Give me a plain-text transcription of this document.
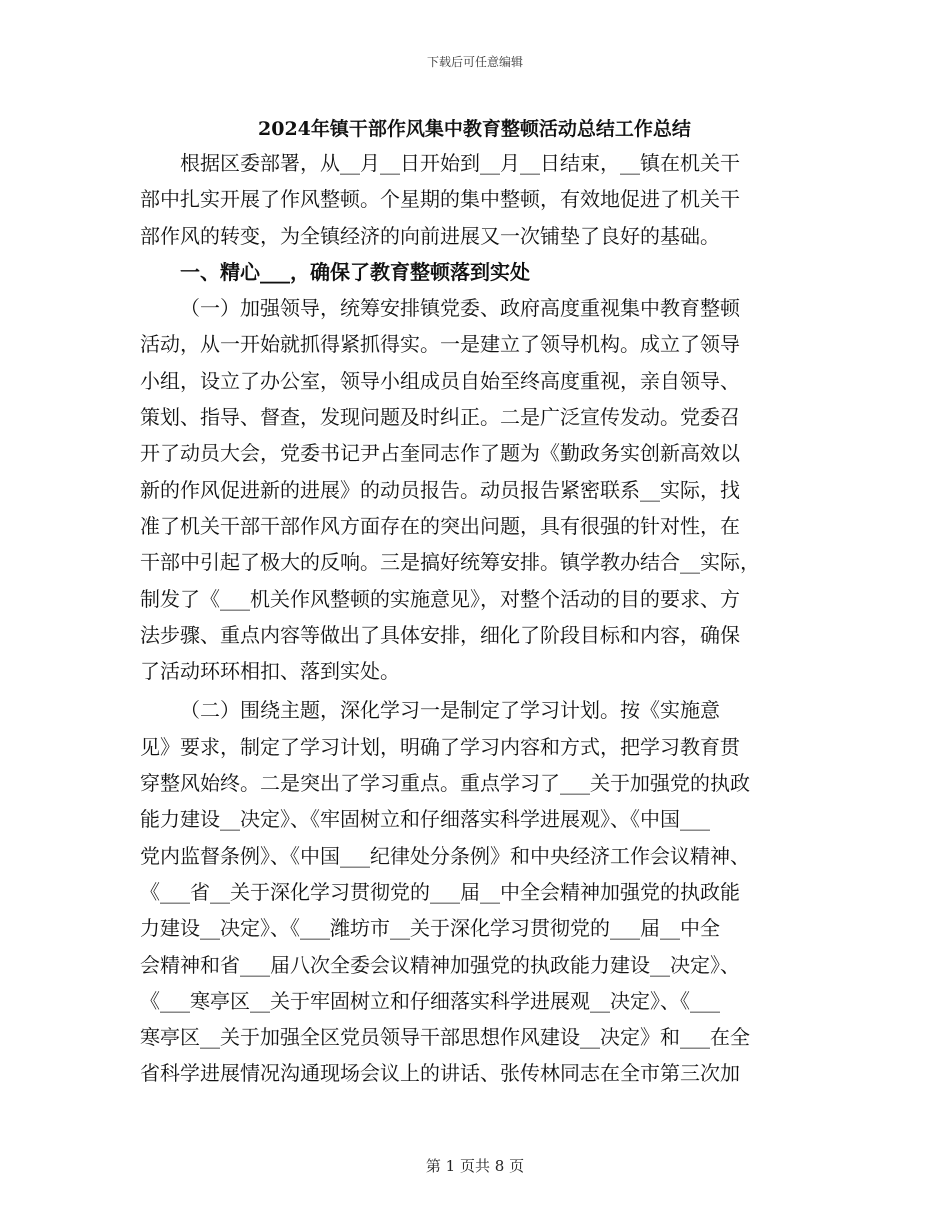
下载后可任意编辑
2024年镇干部作风集中教育整顿活动总结工作总结
根据区委部署，从__月__日开始到__月__日结束，__镇在机关干
部中扎实开展了作风整顿。个星期的集中整顿，有效地促进了机关干
部作风的转变，为全镇经济的向前进展又一次铺垫了良好的基础。
一、精心___，确保了教育整顿落到实处
（一）加强领导，统筹安排镇党委、政府高度重视集中教育整顿
活动，从一开始就抓得紧抓得实。一是建立了领导机构。成立了领导
小组，设立了办公室，领导小组成员自始至终高度重视，亲自领导、
策划、指导、督查，发现问题及时纠正。二是广泛宣传发动。党委召
开了动员大会，党委书记尹占奎同志作了题为《勤政务实创新高效以
新的作风促进新的进展》的动员报告。动员报告紧密联系__实际，找
准了机关干部干部作风方面存在的突出问题，具有很强的针对性，在
干部中引起了极大的反响。三是搞好统筹安排。镇学教办结合__实际，
制发了《___机关作风整顿的实施意见》，对整个活动的目的要求、方
法步骤、重点内容等做出了具体安排，细化了阶段目标和内容，确保
了活动环环相扣、落到实处。
（二）围绕主题，深化学习一是制定了学习计划。按《实施意
见》要求，制定了学习计划，明确了学习内容和方式，把学习教育贯
穿整风始终。二是突出了学习重点。重点学习了___关于加强党的执政
能力建设__决定》、《牢固树立和仔细落实科学进展观》、《中国___
党内监督条例》、《中国___纪律处分条例》和中央经济工作会议精神、
《___省__关于深化学习贯彻党的___届__中全会精神加强党的执政能
力建设__决定》、《___潍坊市__关于深化学习贯彻党的___届__中全
会精神和省___届八次全委会议精神加强党的执政能力建设__决定》、
《___寒亭区__关于牢固树立和仔细落实科学进展观__决定》、《___
寒亭区__关于加强全区党员领导干部思想作风建设__决定》和___在全
省科学进展情况沟通现场会议上的讲话、张传林同志在全市第三次加
第 1 页共 8 页
